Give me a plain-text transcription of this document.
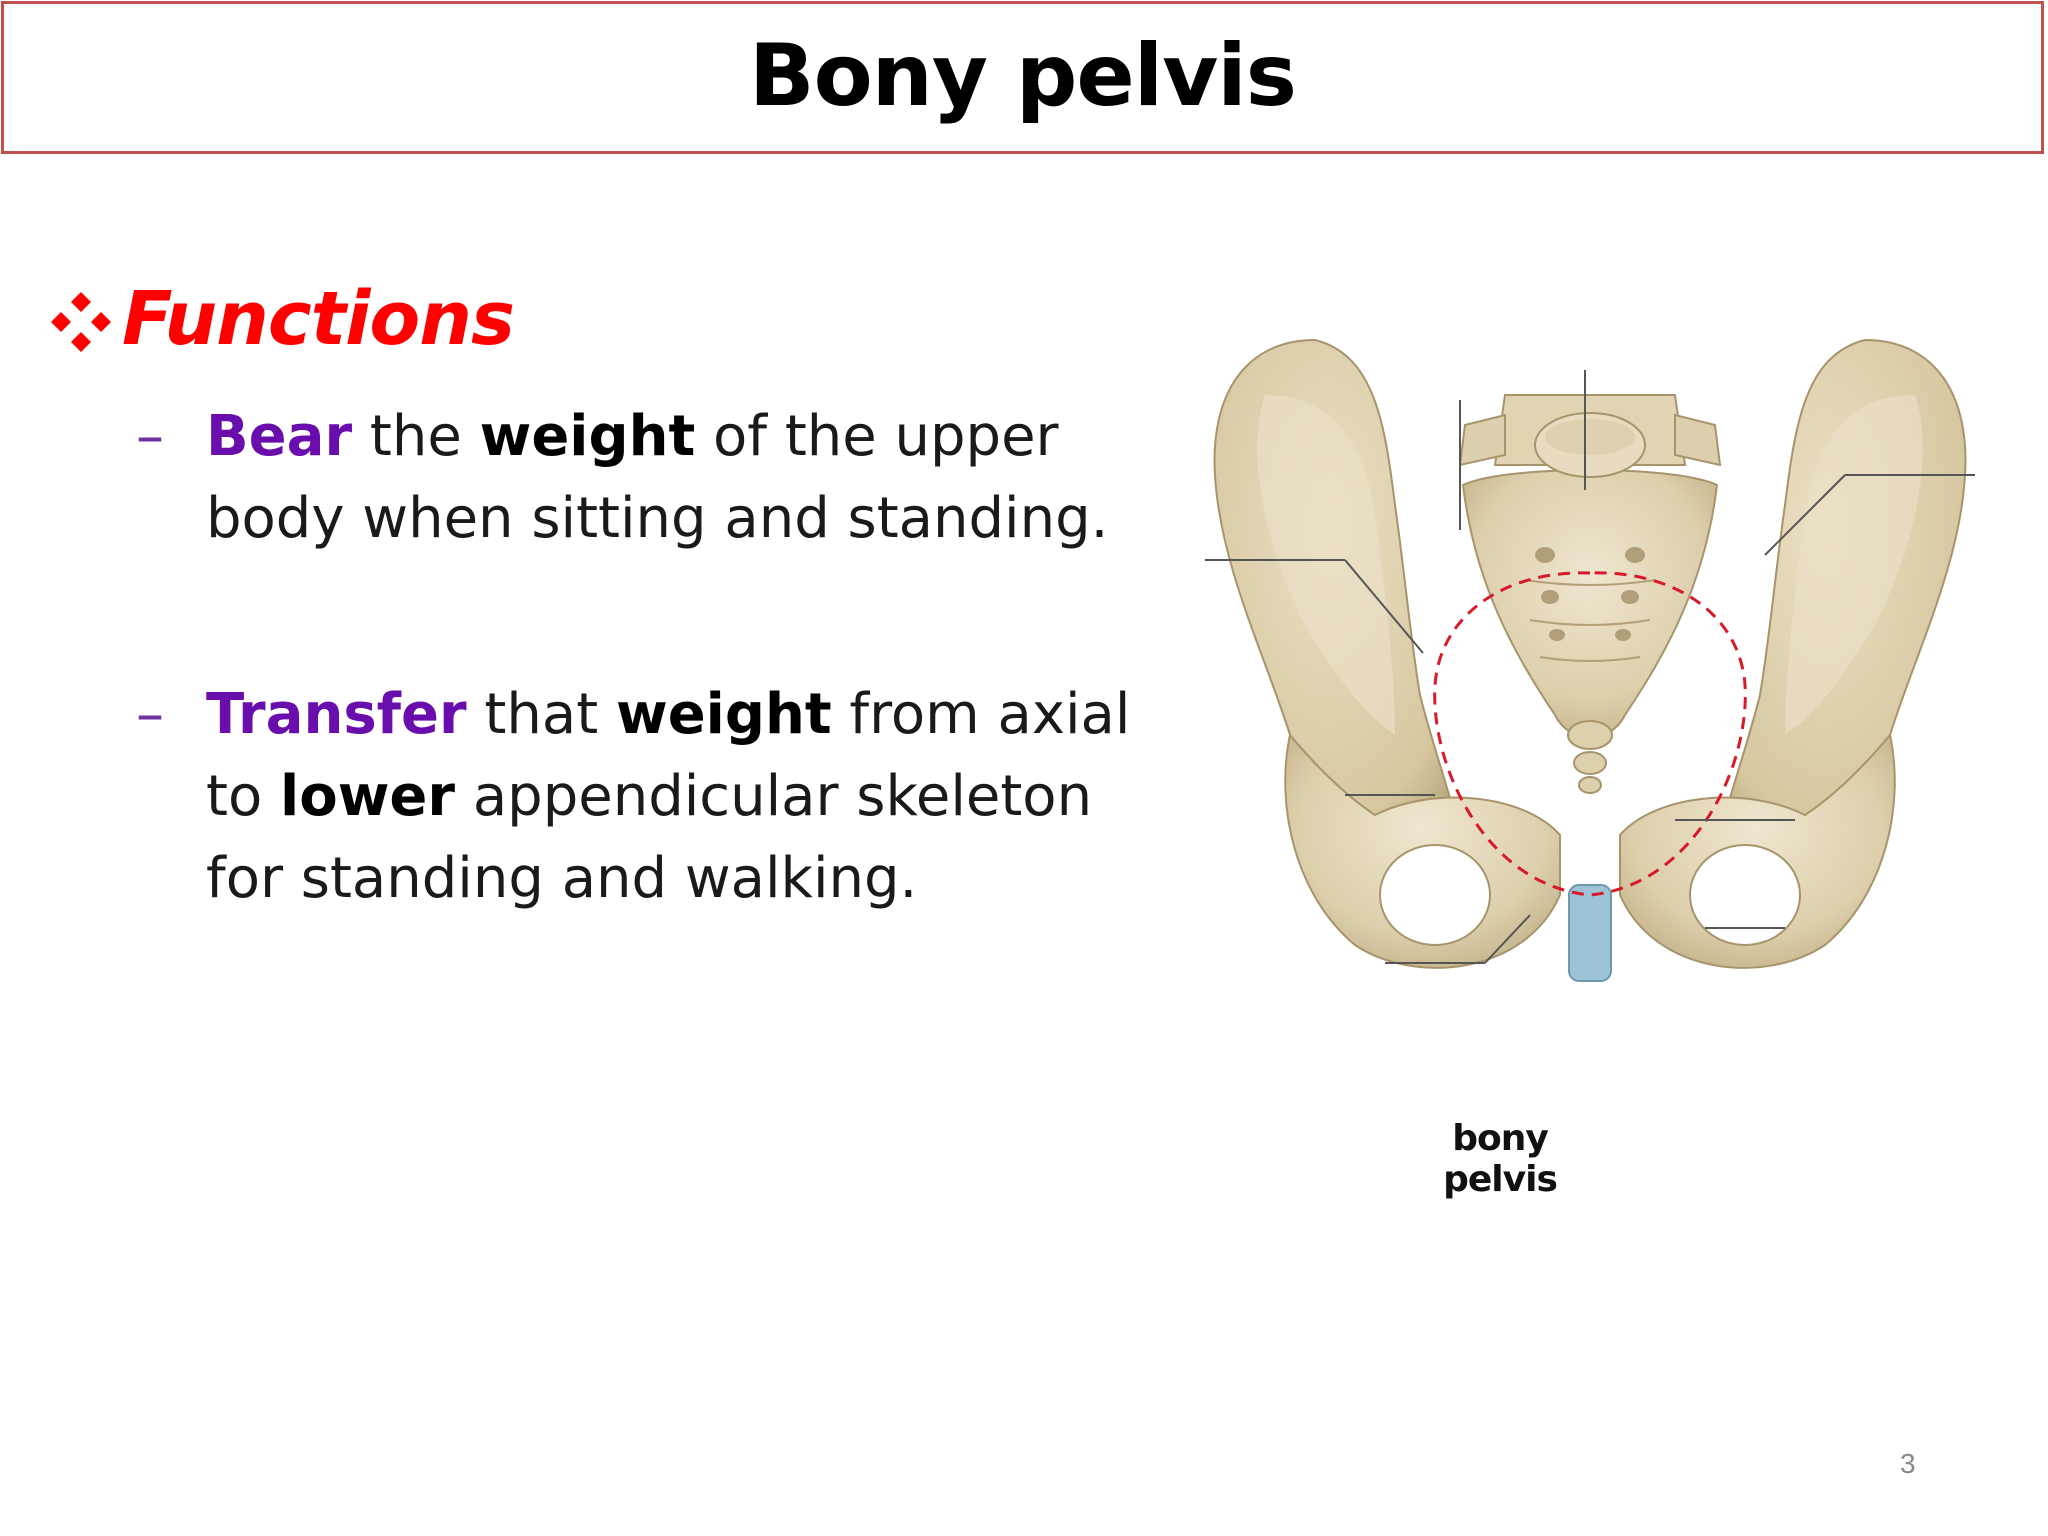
Bony pelvis
Functions
– Bear the weight of the upper body when sitting and standing.
– Transfer that weight from axial to lower appendicular skeleton for standing and walking.
bony pelvis
3
